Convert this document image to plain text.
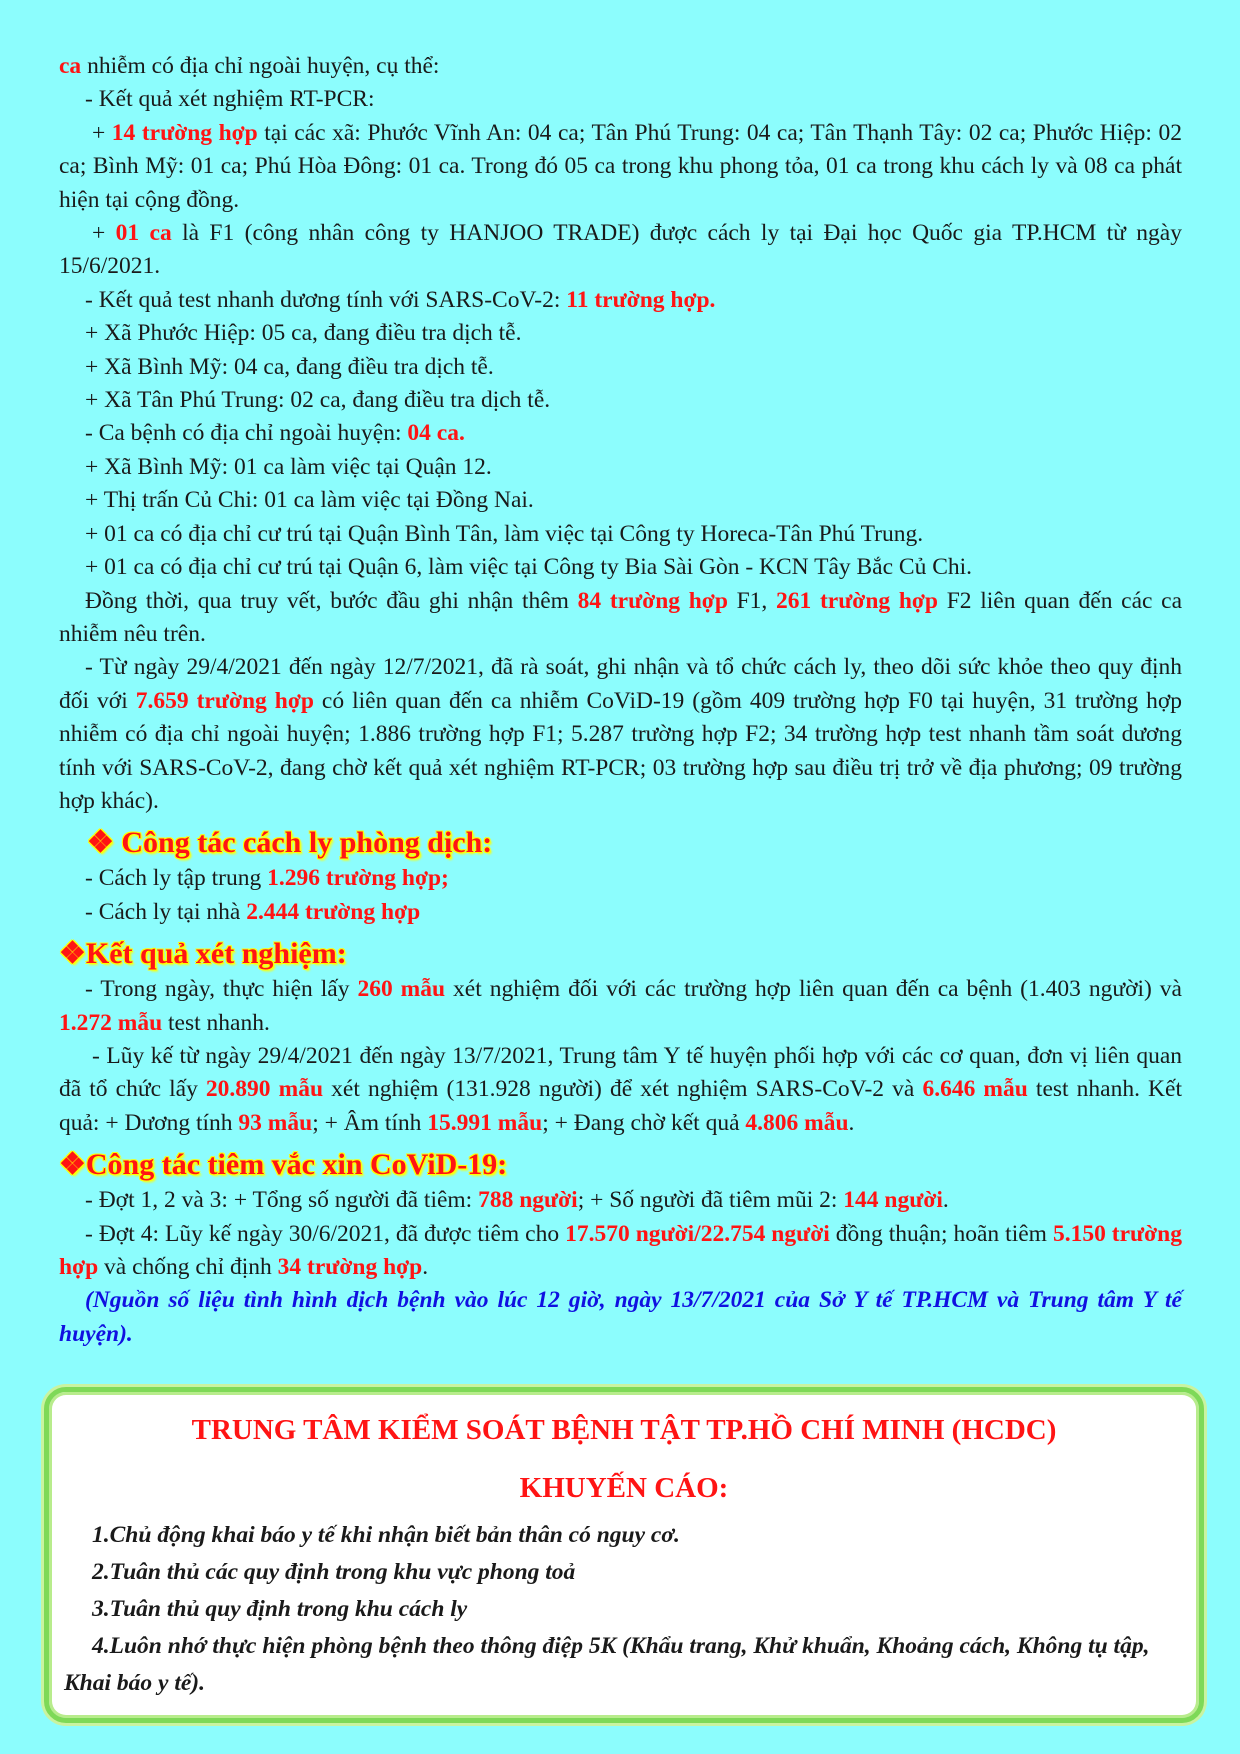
ca nhiễm có địa chỉ ngoài huyện, cụ thể:

- Kết quả xét nghiệm RT-PCR:

+ 14 trường hợp tại các xã: Phước Vĩnh An: 04 ca; Tân Phú Trung: 04 ca; Tân Thạnh Tây: 02 ca; Phước Hiệp: 02 ca; Bình Mỹ: 01 ca; Phú Hòa Đông: 01 ca. Trong đó 05 ca trong khu phong tỏa, 01 ca trong khu cách ly và 08 ca phát hiện tại cộng đồng.

+ 01 ca là F1 (công nhân công ty HANJOO TRADE) được cách ly tại Đại học Quốc gia TP.HCM từ ngày 15/6/2021.

- Kết quả test nhanh dương tính với SARS-CoV-2: 11 trường hợp.

+ Xã Phước Hiệp: 05 ca, đang điều tra dịch tễ.

+ Xã Bình Mỹ: 04 ca, đang điều tra dịch tễ.

+ Xã Tân Phú Trung: 02 ca, đang điều tra dịch tễ.

- Ca bệnh có địa chỉ ngoài huyện: 04 ca.

+ Xã Bình Mỹ: 01 ca làm việc tại Quận 12.

+ Thị trấn Củ Chi: 01 ca làm việc tại Đồng Nai.

+ 01 ca có địa chỉ cư trú tại Quận Bình Tân, làm việc tại Công ty Horeca-Tân Phú Trung.

+ 01 ca có địa chỉ cư trú tại Quận 6, làm việc tại Công ty Bia Sài Gòn - KCN Tây Bắc Củ Chi.

Đồng thời, qua truy vết, bước đầu ghi nhận thêm 84 trường hợp F1, 261 trường hợp F2 liên quan đến các ca nhiễm nêu trên.

- Từ ngày 29/4/2021 đến ngày 12/7/2021, đã rà soát, ghi nhận và tổ chức cách ly, theo dõi sức khỏe theo quy định đối với 7.659 trường hợp có liên quan đến ca nhiễm CoViD-19 (gồm 409 trường hợp F0 tại huyện, 31 trường hợp nhiễm có địa chỉ ngoài huyện; 1.886 trường hợp F1; 5.287 trường hợp F2; 34 trường hợp test nhanh tầm soát dương tính với SARS-CoV-2, đang chờ kết quả xét nghiệm RT-PCR; 03 trường hợp sau điều trị trở về địa phương; 09 trường hợp khác).

❖ Công tác cách ly phòng dịch:

- Cách ly tập trung 1.296 trường hợp;

- Cách ly tại nhà 2.444 trường hợp

❖Kết quả xét nghiệm:

- Trong ngày, thực hiện lấy 260 mẫu xét nghiệm đối với các trường hợp liên quan đến ca bệnh (1.403 người) và 1.272 mẫu test nhanh.

- Lũy kế từ ngày 29/4/2021 đến ngày 13/7/2021, Trung tâm Y tế huyện phối hợp với các cơ quan, đơn vị liên quan đã tổ chức lấy 20.890 mẫu xét nghiệm (131.928 người) để xét nghiệm SARS-CoV-2 và 6.646 mẫu test nhanh. Kết quả: + Dương tính 93 mẫu; + Âm tính 15.991 mẫu; + Đang chờ kết quả 4.806 mẫu.

❖Công tác tiêm vắc xin CoViD-19:

- Đợt 1, 2 và 3: + Tổng số người đã tiêm: 788 người; + Số người đã tiêm mũi 2: 144 người.

- Đợt 4: Lũy kế ngày 30/6/2021, đã được tiêm cho 17.570 người/22.754 người đồng thuận; hoãn tiêm 5.150 trường hợp và chống chỉ định 34 trường hợp.

(Nguồn số liệu tình hình dịch bệnh vào lúc 12 giờ, ngày 13/7/2021 của Sở Y tế TP.HCM và Trung tâm Y tế huyện).

TRUNG TÂM KIỂM SOÁT BỆNH TẬT TP.HỒ CHÍ MINH (HCDC)
KHUYẾN CÁO:

1.Chủ động khai báo y tế khi nhận biết bản thân có nguy cơ.

2.Tuân thủ các quy định trong khu vực phong toả

3.Tuân thủ quy định trong khu cách ly

4.Luôn nhớ thực hiện phòng bệnh theo thông điệp 5K (Khẩu trang, Khử khuẩn, Khoảng cách, Không tụ tập, Khai báo y tế).
